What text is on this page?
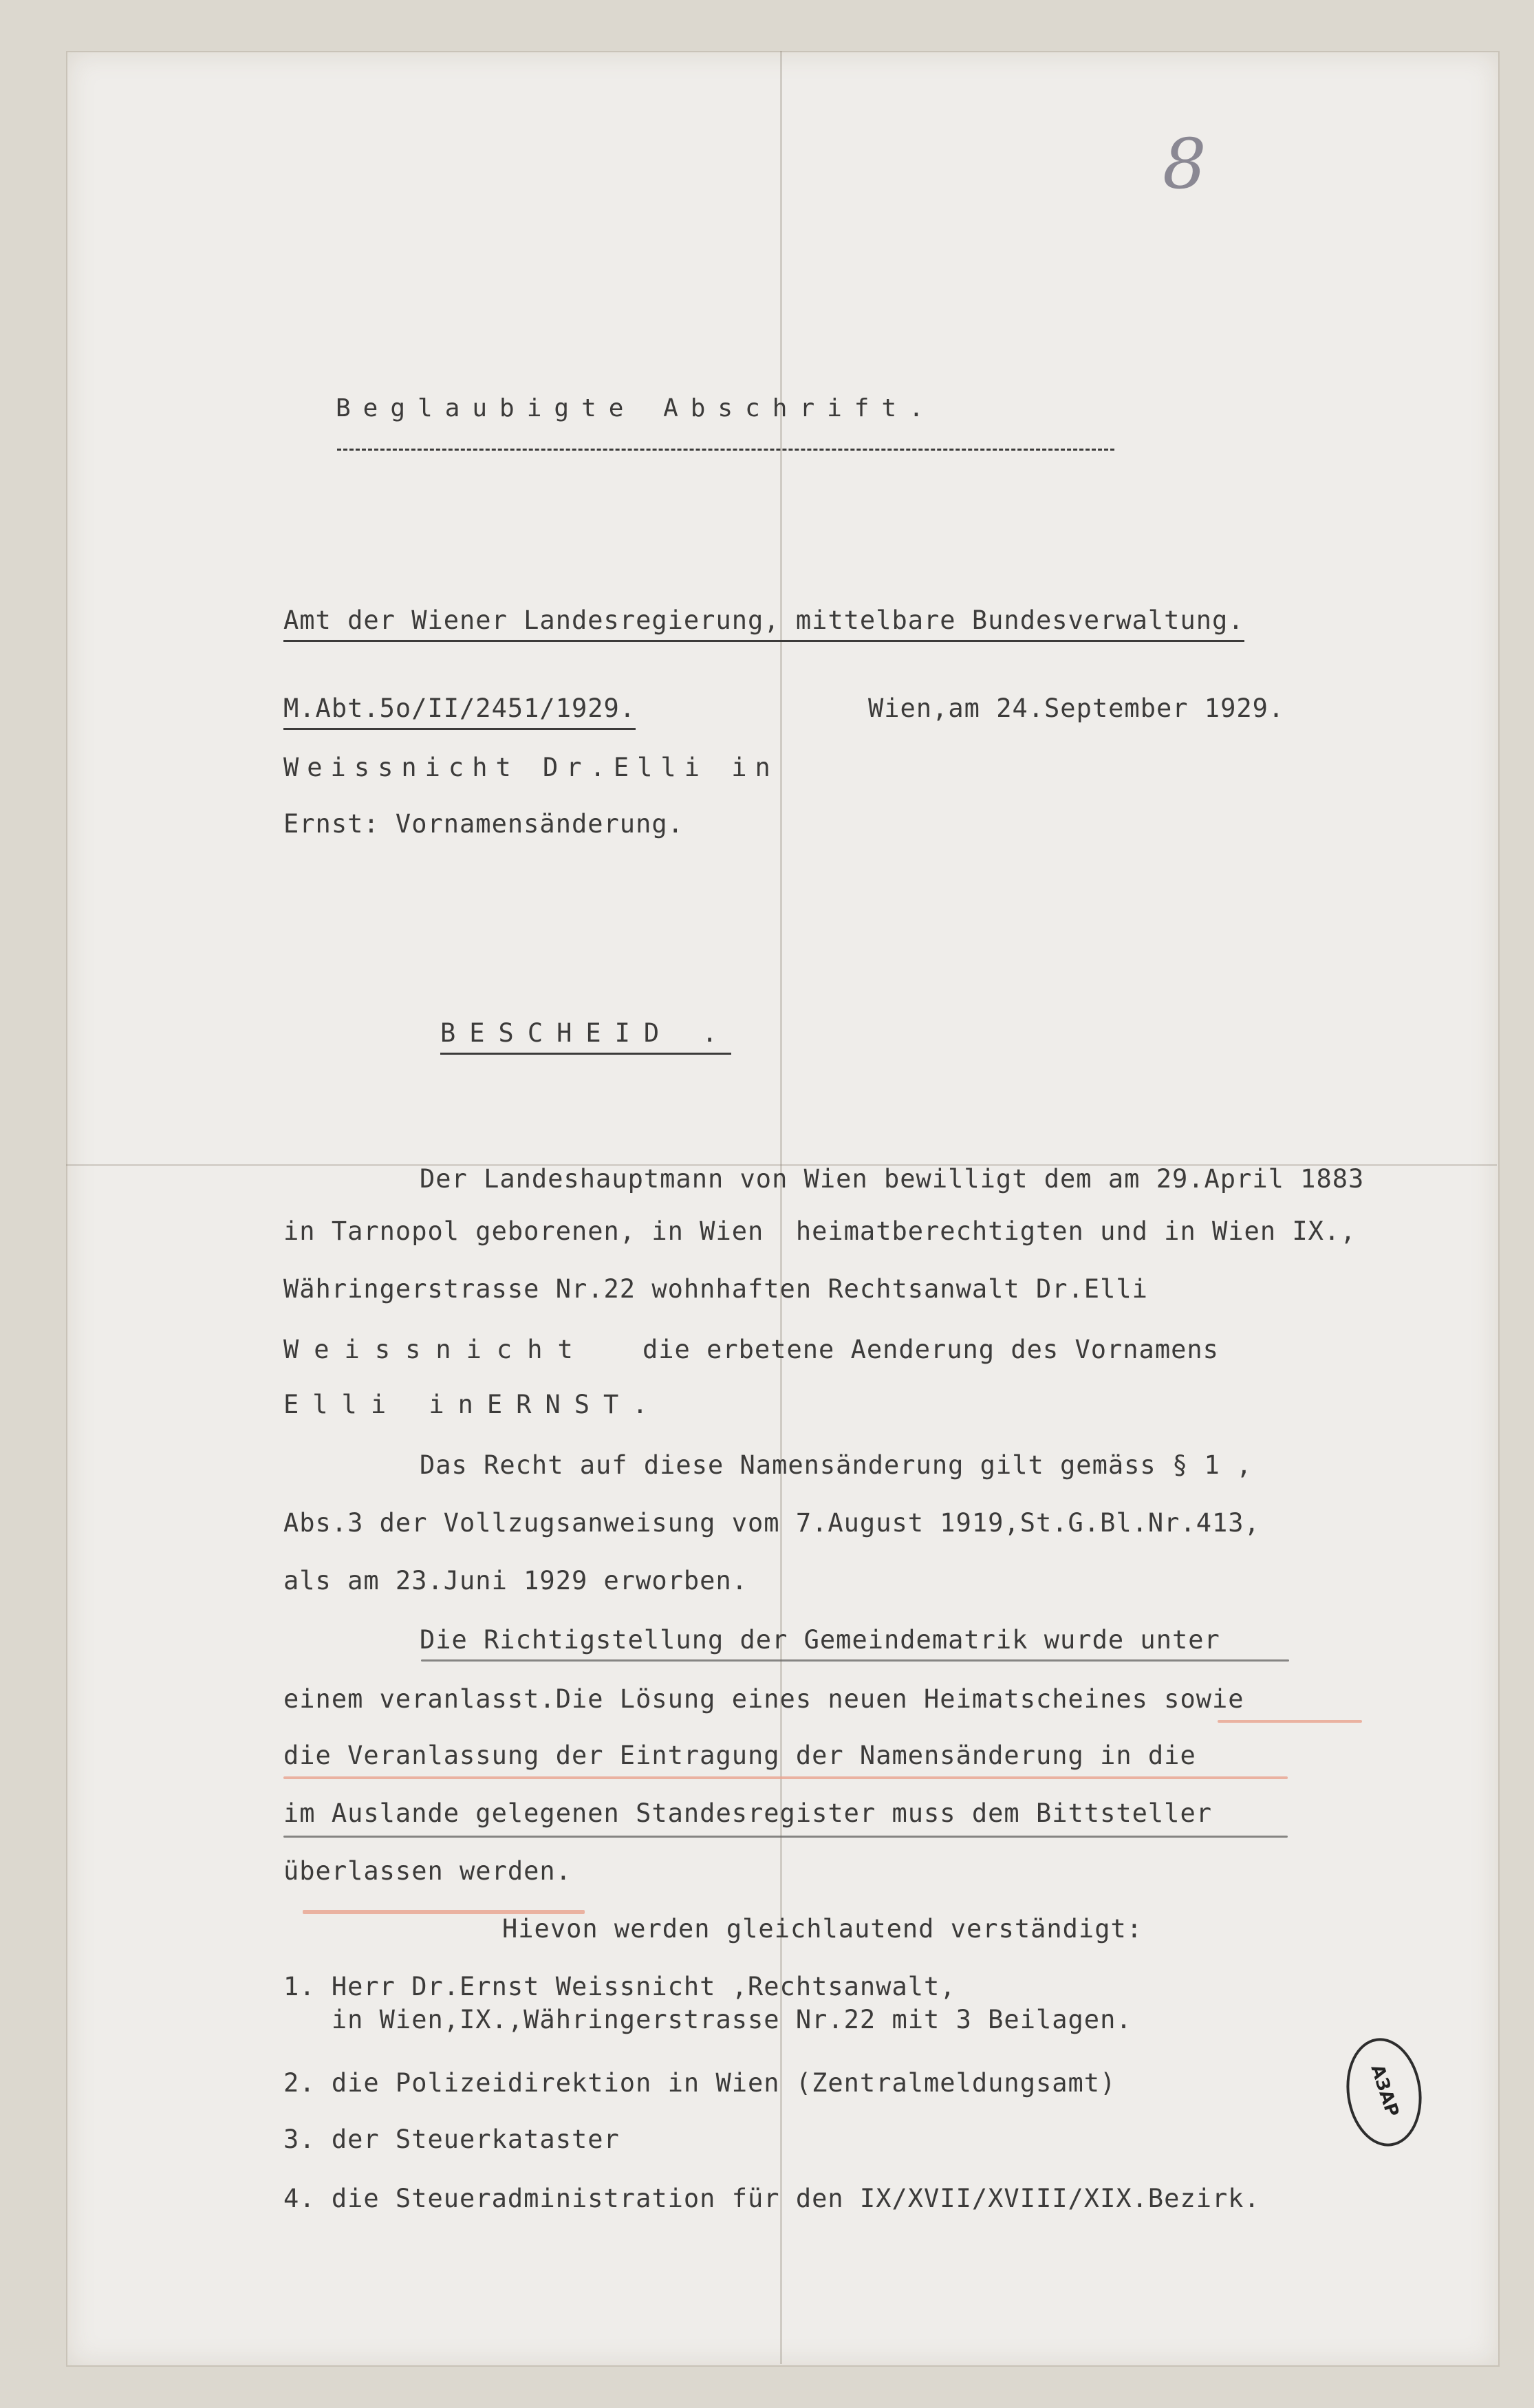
8
Beglaubigte Abschrift.
Amt der Wiener Landesregierung, mittelbare Bundesverwaltung.
M.Abt.5o/II/2451/1929.	Wien,am 24.September 1929.
Weissnicht Dr.Elli in
Ernst: Vornamensänderung.
BESCHEID .
Der Landeshauptmann von Wien bewilligt dem am 29.April 1883
in Tarnopol geborenen, in Wien  heimatberechtigten und in Wien IX.,
Währingerstrasse Nr.22 wohnhaften Rechtsanwalt Dr.Elli
Weissnicht die erbetene Aenderung des Vornamens
Elli inERNST.
Das Recht auf diese Namensänderung gilt gemäss § 1 ,
Abs.3 der Vollzugsanweisung vom 7.August 1919,St.G.Bl.Nr.413,
als am 23.Juni 1929 erworben.
Die Richtigstellung der Gemeindematrik wurde unter
einem veranlasst.Die Lösung eines neuen Heimatscheines sowie
die Veranlassung der Eintragung der Namensänderung in die
im Auslande gelegenen Standesregister muss dem Bittsteller
überlassen werden.
Hievon werden gleichlautend verständigt:
1. Herr Dr.Ernst Weissnicht ,Rechtsanwalt,
in Wien,IX.,Währingerstrasse Nr.22 mit 3 Beilagen.
2. die Polizeidirektion in Wien (Zentralmeldungsamt)
3. der Steuerkataster
4. die Steueradministration für den IX/XVII/XVIII/XIX.Bezirk.
АЗАР
